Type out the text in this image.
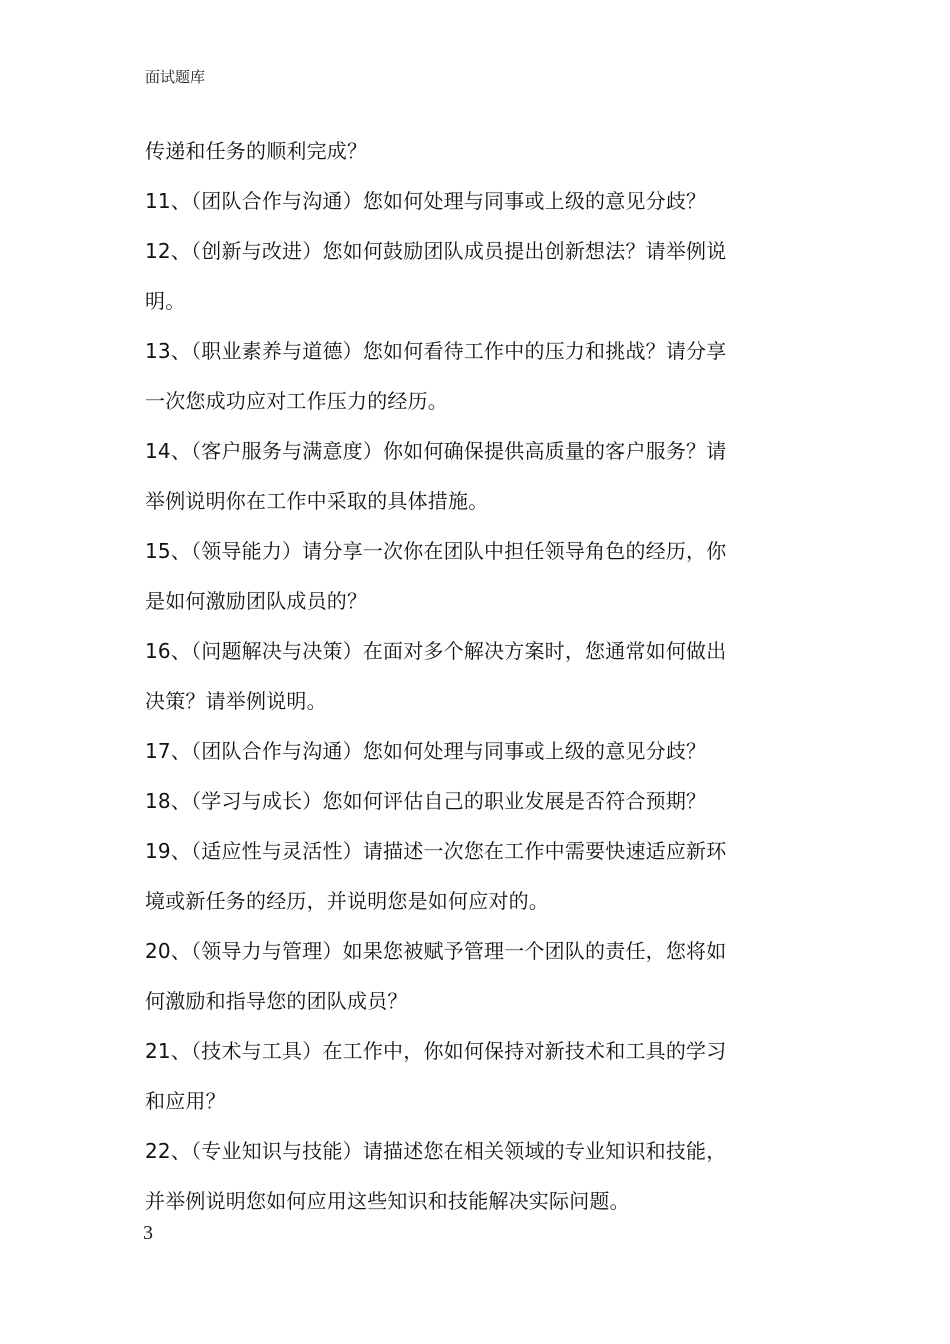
面试题库
传递和任务的顺利完成？
11、（团队合作与沟通）您如何处理与同事或上级的意见分歧？
12、（创新与改进）您如何鼓励团队成员提出创新想法？请举例说
明。
13、（职业素养与道德）您如何看待工作中的压力和挑战？请分享
一次您成功应对工作压力的经历。
14、（客户服务与满意度）你如何确保提供高质量的客户服务？请
举例说明你在工作中采取的具体措施。
15、（领导能力）请分享一次你在团队中担任领导角色的经历，你
是如何激励团队成员的？
16、（问题解决与决策）在面对多个解决方案时，您通常如何做出
决策？请举例说明。
17、（团队合作与沟通）您如何处理与同事或上级的意见分歧？
18、（学习与成长）您如何评估自己的职业发展是否符合预期？
19、（适应性与灵活性）请描述一次您在工作中需要快速适应新环
境或新任务的经历，并说明您是如何应对的。
20、（领导力与管理）如果您被赋予管理一个团队的责任，您将如
何激励和指导您的团队成员？
21、（技术与工具）在工作中，你如何保持对新技术和工具的学习
和应用？
22、（专业知识与技能）请描述您在相关领域的专业知识和技能，
并举例说明您如何应用这些知识和技能解决实际问题。
3
